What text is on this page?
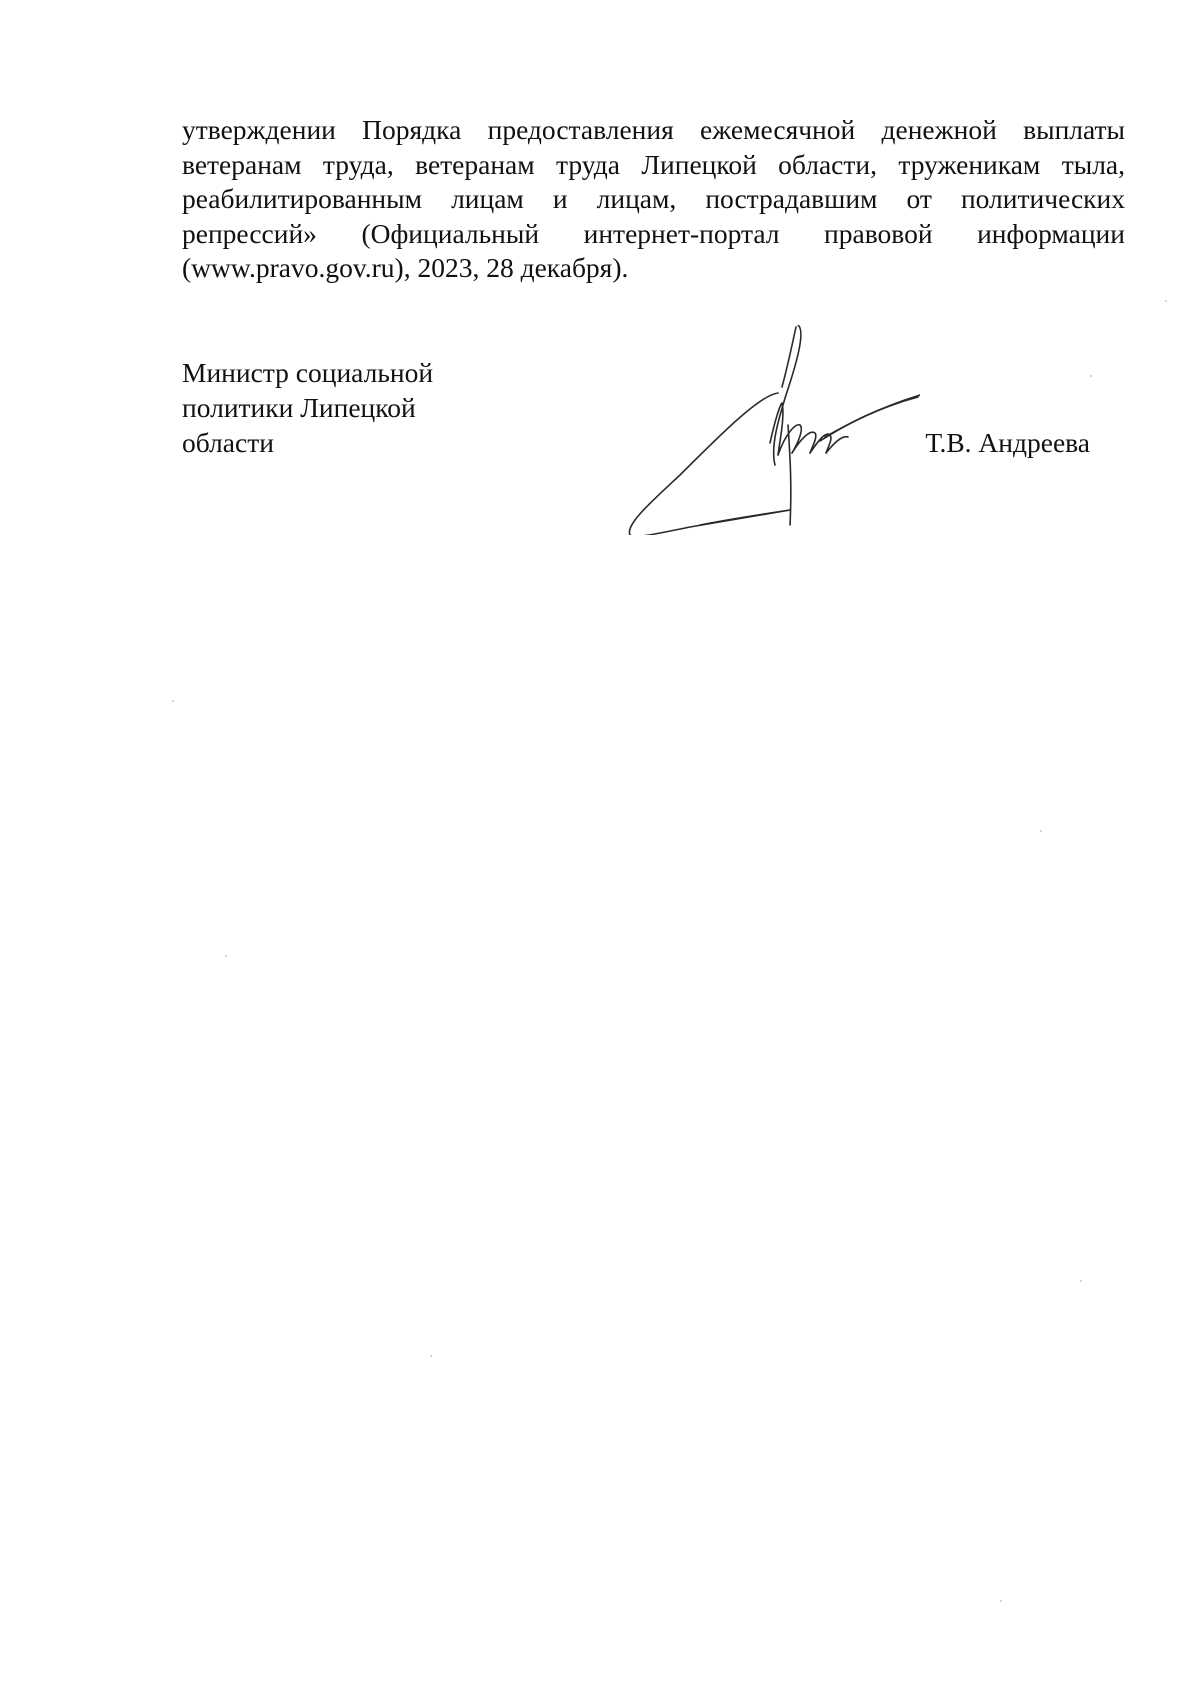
утверждении Порядка предоставления ежемесячной денежной выплаты
ветеранам труда, ветеранам труда Липецкой области, труженикам тыла,
реабилитированным лицам и лицам, пострадавшим от политических
репрессий» (Официальный интернет-портал правовой информации
(www.pravo.gov.ru), 2023, 28 декабря).
Министр социальной
политики Липецкой
области	Т.В. Андреева
